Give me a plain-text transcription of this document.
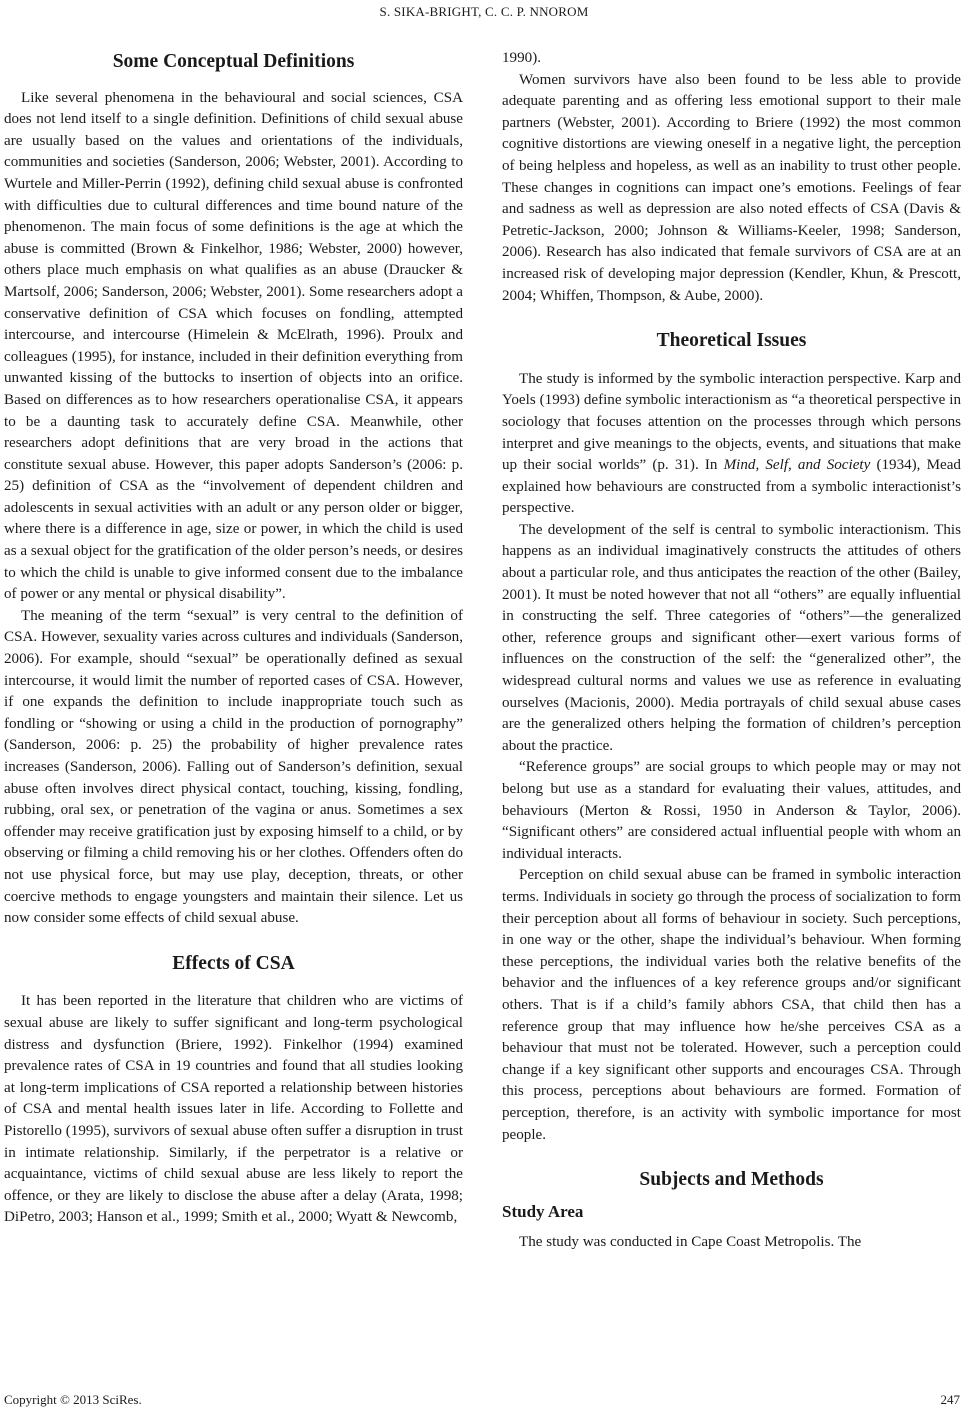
S. SIKA-BRIGHT, C. C. P. NNOROM
Some Conceptual Definitions

Like several phenomena in the behavioural and social sciences, CSA does not lend itself to a single definition. Definitions of child sexual abuse are usually based on the values and orientations of the individuals, communities and societies (Sanderson, 2006; Webster, 2001). According to Wurtele and Miller-Perrin (1992), defining child sexual abuse is confronted with difficulties due to cultural differences and time bound nature of the phenomenon. The main focus of some definitions is the age at which the abuse is committed (Brown & Finkelhor, 1986; Webster, 2000) however, others place much emphasis on what qualifies as an abuse (Draucker & Martsolf, 2006; Sanderson, 2006; Webster, 2001). Some researchers adopt a conservative definition of CSA which focuses on fondling, attempted intercourse, and intercourse (Himelein & McElrath, 1996). Proulx and colleagues (1995), for instance, included in their definition everything from unwanted kissing of the buttocks to insertion of objects into an orifice. Based on differences as to how researchers operationalise CSA, it appears to be a daunting task to accurately define CSA. Meanwhile, other researchers adopt definitions that are very broad in the actions that constitute sexual abuse. However, this paper adopts Sanderson’s (2006: p. 25) definition of CSA as the “involvement of dependent children and adolescents in sexual activities with an adult or any person older or bigger, where there is a difference in age, size or power, in which the child is used as a sexual object for the gratification of the older person’s needs, or desires to which the child is unable to give informed consent due to the imbalance of power or any mental or physical disability”.

The meaning of the term “sexual” is very central to the definition of CSA. However, sexuality varies across cultures and individuals (Sanderson, 2006). For example, should “sexual” be operationally defined as sexual intercourse, it would limit the number of reported cases of CSA. However, if one expands the definition to include inappropriate touch such as fondling or “showing or using a child in the production of pornography” (Sanderson, 2006: p. 25) the probability of higher prevalence rates increases (Sanderson, 2006). Falling out of Sanderson’s definition, sexual abuse often involves direct physical contact, touching, kissing, fondling, rubbing, oral sex, or penetration of the vagina or anus. Sometimes a sex offender may receive gratification just by exposing himself to a child, or by observing or filming a child removing his or her clothes. Offenders often do not use physical force, but may use play, deception, threats, or other coercive methods to engage youngsters and maintain their silence. Let us now consider some effects of child sexual abuse.

Effects of CSA

It has been reported in the literature that children who are victims of sexual abuse are likely to suffer significant and long-term psychological distress and dysfunction (Briere, 1992). Finkelhor (1994) examined prevalence rates of CSA in 19 countries and found that all studies looking at long-term implications of CSA reported a relationship between histories of CSA and mental health issues later in life. According to Follette and Pistorello (1995), survivors of sexual abuse often suffer a disruption in trust in intimate relationship. Similarly, if the perpetrator is a relative or acquaintance, victims of child sexual abuse are less likely to report the offence, or they are likely to disclose the abuse after a delay (Arata, 1998; DiPetro, 2003; Hanson et al., 1999; Smith et al., 2000; Wyatt & Newcomb,

1990).

Women survivors have also been found to be less able to provide adequate parenting and as offering less emotional support to their male partners (Webster, 2001). According to Briere (1992) the most common cognitive distortions are viewing oneself in a negative light, the perception of being helpless and hopeless, as well as an inability to trust other people. These changes in cognitions can impact one’s emotions. Feelings of fear and sadness as well as depression are also noted effects of CSA (Davis & Petretic-Jackson, 2000; Johnson & Williams-Keeler, 1998; Sanderson, 2006). Research has also indicated that female survivors of CSA are at an increased risk of developing major depression (Kendler, Khun, & Prescott, 2004; Whiffen, Thompson, & Aube, 2000).

Theoretical Issues

The study is informed by the symbolic interaction perspective. Karp and Yoels (1993) define symbolic interactionism as “a theoretical perspective in sociology that focuses attention on the processes through which persons interpret and give meanings to the objects, events, and situations that make up their social worlds” (p. 31). In Mind, Self, and Society (1934), Mead explained how behaviours are constructed from a symbolic interactionist’s perspective.

The development of the self is central to symbolic interactionism. This happens as an individual imaginatively constructs the attitudes of others about a particular role, and thus anticipates the reaction of the other (Bailey, 2001). It must be noted however that not all “others” are equally influential in constructing the self. Three categories of “others”—the generalized other, reference groups and significant other—exert various forms of influences on the construction of the self: the “generalized other”, the widespread cultural norms and values we use as reference in evaluating ourselves (Macionis, 2000). Media portrayals of child sexual abuse cases are the generalized others helping the formation of children’s perception about the practice.

“Reference groups” are social groups to which people may or may not belong but use as a standard for evaluating their values, attitudes, and behaviours (Merton & Rossi, 1950 in Anderson & Taylor, 2006). “Significant others” are considered actual influential people with whom an individual interacts.

Perception on child sexual abuse can be framed in symbolic interaction terms. Individuals in society go through the process of socialization to form their perception about all forms of behaviour in society. Such perceptions, in one way or the other, shape the individual’s behaviour. When forming these perceptions, the individual varies both the relative benefits of the behavior and the influences of a key reference groups and/or significant others. That is if a child’s family abhors CSA, that child then has a reference group that may influence how he/she perceives CSA as a behaviour that must not be tolerated. However, such a perception could change if a key significant other supports and encourages CSA. Through this process, perceptions about behaviours are formed. Formation of perception, therefore, is an activity with symbolic importance for most people.

Subjects and Methods
Study Area

The study was conducted in Cape Coast Metropolis. The

Copyright © 2013 SciRes.	247
